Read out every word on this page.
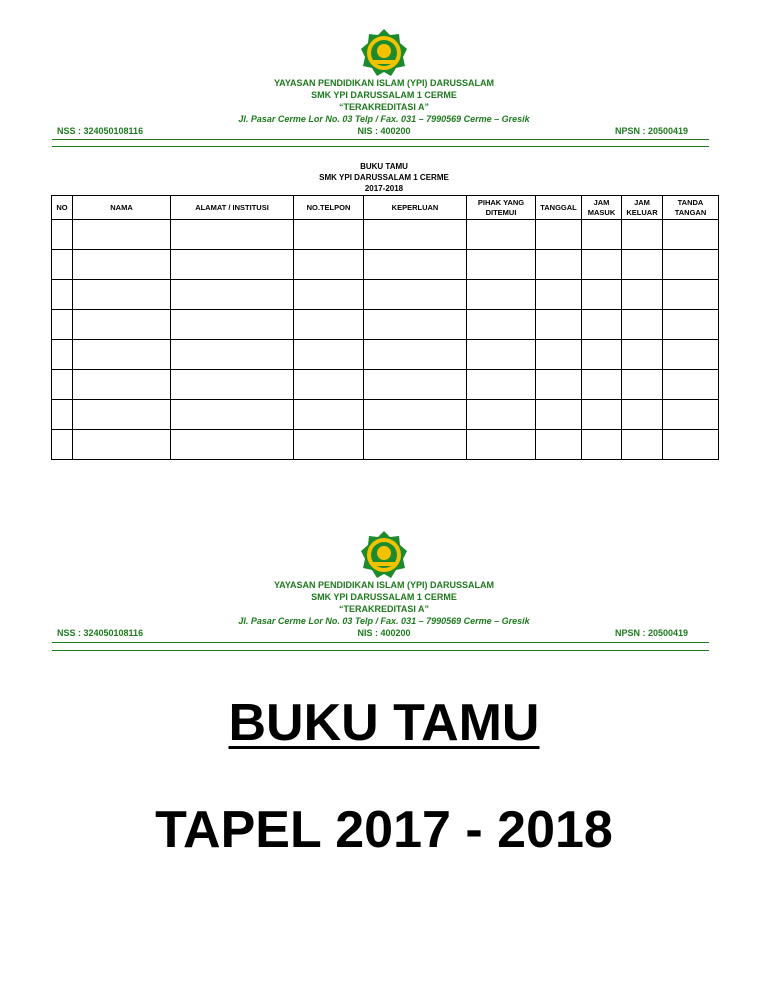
YAYASAN PENDIDIKAN ISLAM (YPI) DARUSSALAM
SMK YPI DARUSSALAM 1 CERME
“TERAKREDITASI A”
Jl. Pasar Cerme Lor No. 03 Telp / Fax. 031 – 7990569 Cerme – Gresik
NSS : 324050108116	NIS : 400200	NPSN : 20500419
BUKU TAMU
SMK YPI DARUSSALAM 1 CERME
2017-2018
NO	NAMA	ALAMAT / INSTITUSI	NO.TELPON	KEPERLUAN	PIHAK YANG DITEMUI	TANGGAL	JAM MASUK	JAM KELUAR	TANDA TANGAN

YAYASAN PENDIDIKAN ISLAM (YPI) DARUSSALAM
SMK YPI DARUSSALAM 1 CERME
“TERAKREDITASI A”
Jl. Pasar Cerme Lor No. 03 Telp / Fax. 031 – 7990569 Cerme – Gresik
NSS : 324050108116	NIS : 400200	NPSN : 20500419
BUKU TAMU
TAPEL 2017 - 2018
